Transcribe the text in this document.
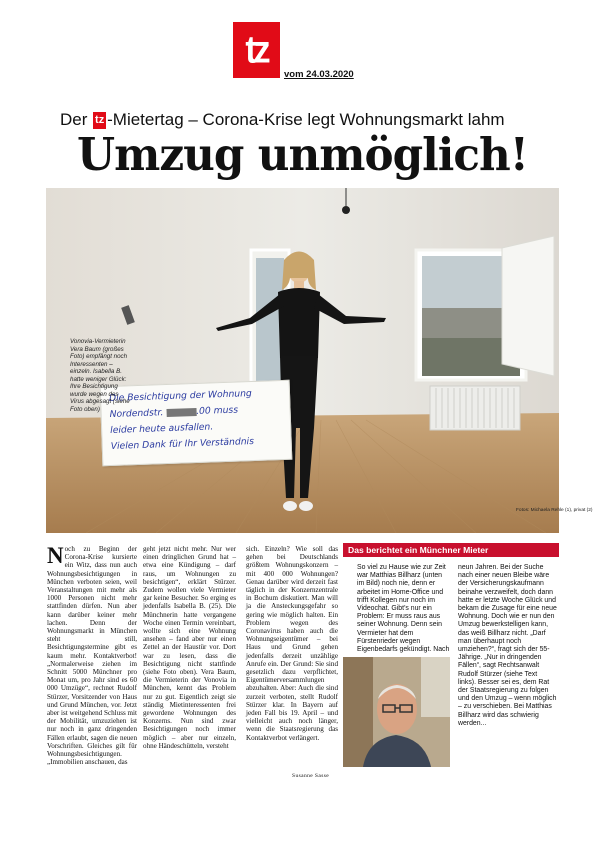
tz
vom 24.03.2020
Der tz -Mietertag – Corona-Krise legt Wohnungsmarkt lahm
Umzug unmöglich!
Die Besichtigung der Wohnung
Nordendstr.	.00 muss
leider heute ausfallen.
Vielen Dank für Ihr Verständnis
Vonovia-Vermieterin Vera Baum (großes Foto) empfängt noch Interessenten – einzeln. Isabella B. hatte weniger Glück: Ihre Besichtigung wurde wegen des Virus abgesagt (siehe Foto oben)
Fotos: Michaela Rehle (1), privat (2)
N och zu Beginn der Corona-Krise kursierte ein Witz, dass nun auch Wohnungsbesichtigungen in München verboten seien, weil Veranstaltungen mit mehr als 1000 Personen nicht mehr stattfinden dürfen. Nun aber kann darüber keiner mehr lachen. Denn der Wohnungsmarkt in München steht still, Besichtigungstermine gibt es kaum mehr. Kontaktverbot! „Normalerweise ziehen im Schnitt 5000 Münchner pro Monat um, pro Jahr sind es 60 000 Umzüge“, rechnet Rudolf Stürzer, Vorsitzender von Haus und Grund München, vor. Jetzt aber ist weitgehend Schluss mit der Mobilität, umzuziehen ist nur noch in ganz dringenden Fällen erlaubt, sagen die neuen Vorschriften. Gleiches gilt für Wohnungsbesichtigungen. „Immobilien anschauen, das

geht jetzt nicht mehr. Nur wer einen dringlichen Grund hat – etwa eine Kündigung – darf raus, um Wohnungen zu besichtigen“, erklärt Stürzer. Zudem wollen viele Vermieter gar keine Besucher. So erging es jedenfalls Isabella B. (25). Die Münchnerin hatte vergangene Woche einen Termin vereinbart, wollte sich eine Wohnung ansehen – fand aber nur einen Zettel an der Haustür vor. Dort war zu lesen, dass die Besichtigung nicht stattfinde (siehe Foto oben). Vera Baum, die Vermieterin der Vonovia in München, kennt das Problem nur zu gut. Eigentlich zeigt sie ständig Mietinteressenten frei gewordene Wohnungen des Konzerns. Nun sind zwar Besichtigungen noch immer möglich – aber nur einzeln, ohne Händeschütteln, versteht

sich. Einzeln? Wie soll das gehen bei Deutschlands größtem Wohnungskonzern – mit 400 000 Wohnungen? Genau darüber wird derzeit fast täglich in der Konzernzentrale in Bochum diskutiert. Man will ja die Ansteckungsgefahr so gering wie möglich halten. Ein Problem wegen des Coronavirus haben auch die Wohnungseigentümer – bei Haus und Grund gehen jedenfalls derzeit unzählige Anrufe ein. Der Grund: Sie sind gesetzlich dazu verpflichtet, Eigentümerversammlungen abzuhalten. Aber: Auch die sind zurzeit verboten, stellt Rudolf Stürzer klar. In Bayern auf jeden Fall bis 19. April – und vielleicht auch noch länger, wenn die Staatsregierung das Kontaktverbot verlängert.

Susanne Sasse
Das berichtet ein Münchner Mieter
So viel zu Hause wie zur Zeit war Matthias Billharz (unten im Bild) noch nie, denn er arbeitet im Home-Office und trifft Kollegen nur noch im Videochat. Gibt’s nur ein Problem: Er muss raus aus seiner Wohnung. Denn sein Vermieter hat dem Fürstenrieder wegen Eigenbedarfs gekündigt. Nach
neun Jahren. Bei der Suche nach einer neuen Bleibe wäre der Versicherungskaufmann beinahe verzweifelt, doch dann hatte er letzte Woche Glück und bekam die Zusage für eine neue Wohnung. Doch wie er nun den Umzug bewerkstelligen kann, das weiß Billharz nicht. „Darf man überhaupt noch umziehen?“, fragt sich der 55-Jährige. „Nur in dringenden Fällen“, sagt Rechtsanwalt Rudolf Stürzer (siehe Text links). Besser sei es, dem Rat der Staatsregierung zu folgen und den Umzug – wenn möglich – zu verschieben. Bei Matthias Billharz wird das schwierig werden...
